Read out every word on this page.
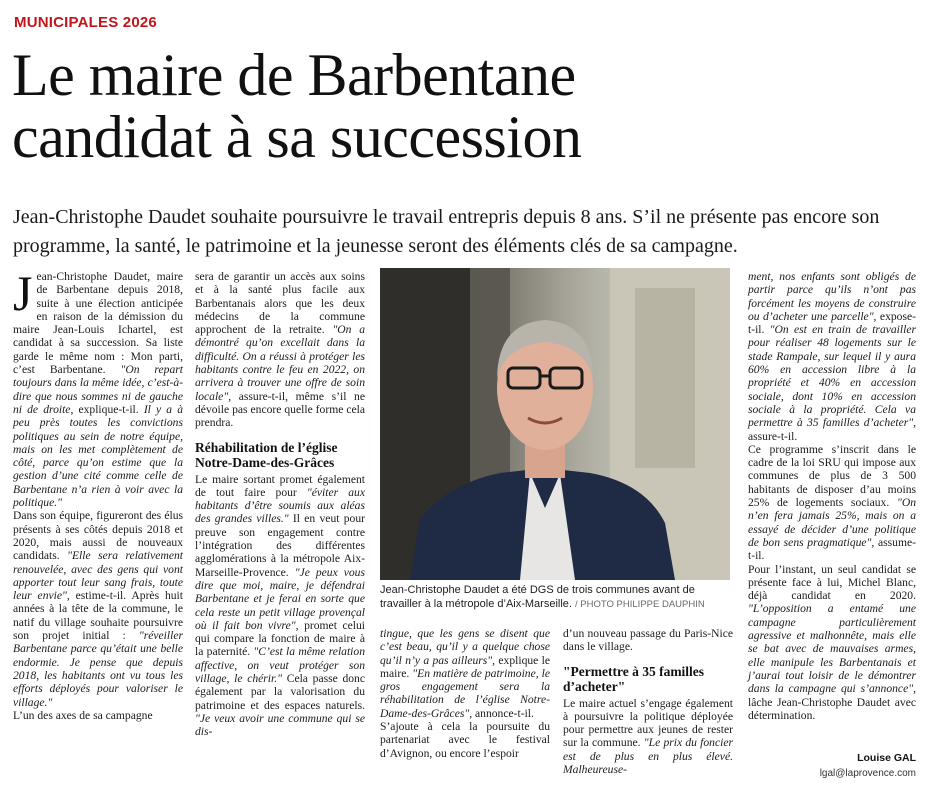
MUNICIPALES 2026
Le maire de Barbentane
candidat à sa succession

Jean-Christophe Daudet souhaite poursuivre le travail entrepris depuis 8 ans. S’il ne présente pas encore son programme, la santé, le patrimoine et la jeunesse seront des éléments clés de sa campagne.

Jean-Christophe Daudet, maire de Barbentane depuis 2018, suite à une élection anticipée en raison de la démission du maire Jean-Louis Ichartel, est candidat à sa succession. Sa liste garde le même nom : Mon parti, c’est Barbentane. "On repart toujours dans la même idée, c’est-à-dire que nous sommes ni de gauche ni de droite, explique-t-il. Il y a à peu près toutes les convictions politiques au sein de notre équipe, mais on les met complètement de côté, parce qu’on estime que la gestion d’une cité comme celle de Barbentane n’a rien à voir avec la politique."

Dans son équipe, figureront des élus présents à ses côtés depuis 2018 et 2020, mais aussi de nouveaux candidats. "Elle sera relativement renouvelée, avec des gens qui vont apporter tout leur sang frais, toute leur envie", estime-t-il. Après huit années à la tête de la commune, le natif du village souhaite poursuivre son projet initial : "réveiller Barbentane parce qu’était une belle endormie. Je pense que depuis 2018, les habitants ont vu tous les efforts déployés pour valoriser le village."

L’un des axes de sa campagne

sera de garantir un accès aux soins et à la santé plus facile aux Barbentanais alors que les deux médecins de la commune approchent de la retraite. "On a démontré qu’on excellait dans la difficulté. On a réussi à protéger les habitants contre le feu en 2022, on arrivera à trouver une offre de soin locale", assure-t-il, même s’il ne dévoile pas encore quelle forme cela prendra.

Réhabilitation de l’église Notre-Dame-des-Grâces

Le maire sortant promet également de tout faire pour "éviter aux habitants d’être soumis aux aléas des grandes villes." Il en veut pour preuve son engagement contre l’intégration des différentes agglomérations à la métropole Aix-Marseille-Provence. "Je peux vous dire que moi, maire, je défendrai Barbentane et je ferai en sorte que cela reste un petit village provençal où il fait bon vivre", promet celui qui compare la fonction de maire à la paternité. "C’est la même relation affective, on veut protéger son village, le chérir." Cela passe donc également par la valorisation du patrimoine et des espaces naturels. "Je veux avoir une commune qui se dis-

Jean-Christophe Daudet a été DGS de trois communes avant de travailler à la métropole d’Aix-Marseille. / PHOTO PHILIPPE DAUPHIN

tingue, que les gens se disent que c’est beau, qu’il y a quelque chose qu’il n’y a pas ailleurs", explique le maire. "En matière de patrimoine, le gros engagement sera la réhabilitation de l’église Notre-Dame-des-Grâces", annonce-t-il.

S’ajoute à cela la poursuite du partenariat avec le festival d’Avignon, ou encore l’espoir

d’un nouveau passage du Paris-Nice dans le village.

"Permettre à 35 familles d’acheter"

Le maire actuel s’engage également à poursuivre la politique déployée pour permettre aux jeunes de rester sur la commune. "Le prix du foncier est de plus en plus élevé. Malheureuse-

ment, nos enfants sont obligés de partir parce qu’ils n’ont pas forcément les moyens de construire ou d’acheter une parcelle", expose-t-il. "On est en train de travailler pour réaliser 48 logements sur le stade Rampale, sur lequel il y aura 60% en accession libre à la propriété et 40% en accession sociale, dont 10% en accession sociale à la propriété. Cela va permettre à 35 familles d’acheter", assure-t-il.

Ce programme s’inscrit dans le cadre de la loi SRU qui impose aux communes de plus de 3 500 habitants de disposer d’au moins 25% de logements sociaux. "On n’en fera jamais 25%, mais on a essayé de décider d’une politique de bon sens pragmatique", assume-t-il.

Pour l’instant, un seul candidat se présente face à lui, Michel Blanc, déjà candidat en 2020. "L’opposition a entamé une campagne particulièrement agressive et malhonnête, mais elle se bat avec de mauvaises armes, elle manipule les Barbentanais et j’aurai tout loisir de le démontrer dans la campagne qui s’annonce", lâche Jean-Christophe Daudet avec détermination.

Louise GAL
lgal@laprovence.com
